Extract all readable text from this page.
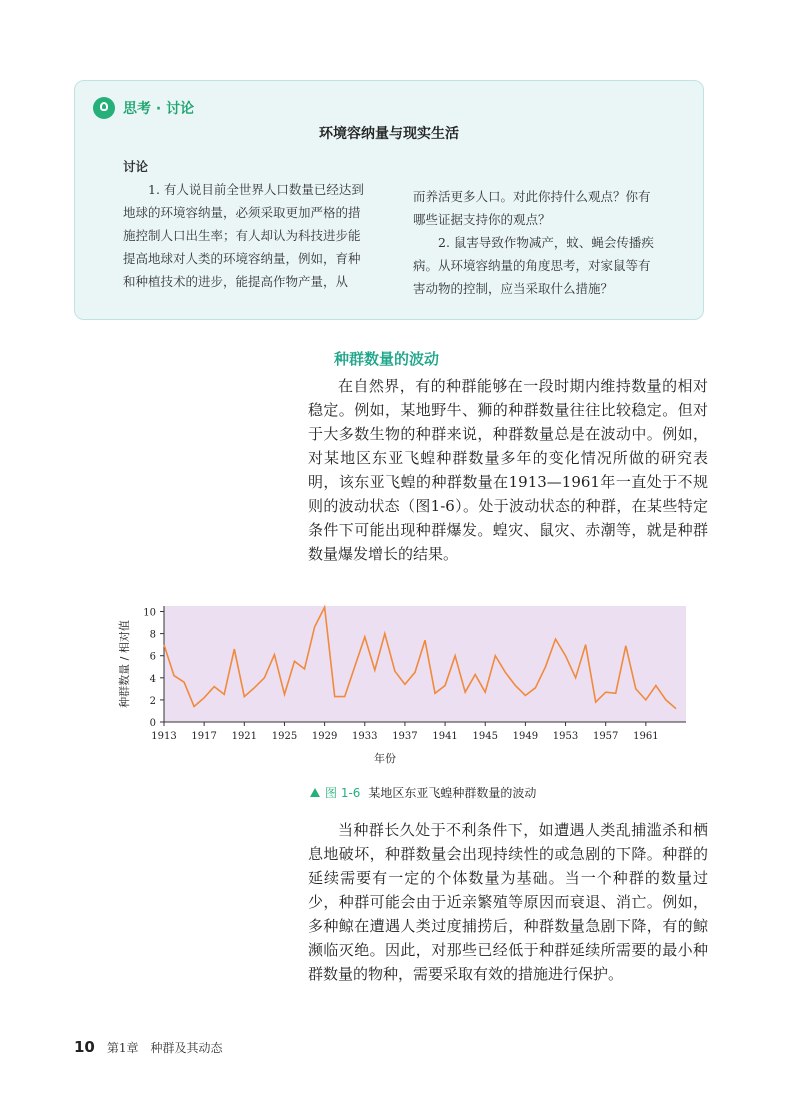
思考 · 讨论
环境容纳量与现实生活

讨论

1. 有人说目前全世界人口数量已经达到地球的环境容纳量，必须采取更加严格的措施控制人口出生率；有人却认为科技进步能提高地球对人类的环境容纳量，例如，育种和种植技术的进步，能提高作物产量，从

而养活更多人口。对此你持什么观点？你有哪些证据支持你的观点？

2. 鼠害导致作物减产，蚊、蝇会传播疾病。从环境容纳量的角度思考，对家鼠等有害动物的控制，应当采取什么措施？

种群数量的波动

在自然界，有的种群能够在一段时期内维持数量的相对稳定。例如，某地野牛、狮的种群数量往往比较稳定。但对于大多数生物的种群来说，种群数量总是在波动中。例如，对某地区东亚飞蝗种群数量多年的变化情况所做的研究表明，该东亚飞蝗的种群数量在1913—1961年一直处于不规则的波动状态（图1-6）。处于波动状态的种群，在某些特定条件下可能出现种群爆发。蝗灾、鼠灾、赤潮等，就是种群数量爆发增长的结果。

0
2
4
6
8
10
1913 1917 1921 1925 1929 1933 1937 1941 1945 1949 1953 1957 1961
种群数量 / 相对值
年份
图 1-6 某地区东亚飞蝗种群数量的波动

当种群长久处于不利条件下，如遭遇人类乱捕滥杀和栖息地破坏，种群数量会出现持续性的或急剧的下降。种群的延续需要有一定的个体数量为基础。当一个种群的数量过少，种群可能会由于近亲繁殖等原因而衰退、消亡。例如，多种鲸在遭遇人类过度捕捞后，种群数量急剧下降，有的鲸濒临灭绝。因此，对那些已经低于种群延续所需要的最小种群数量的物种，需要采取有效的措施进行保护。

10 第1章　种群及其动态
